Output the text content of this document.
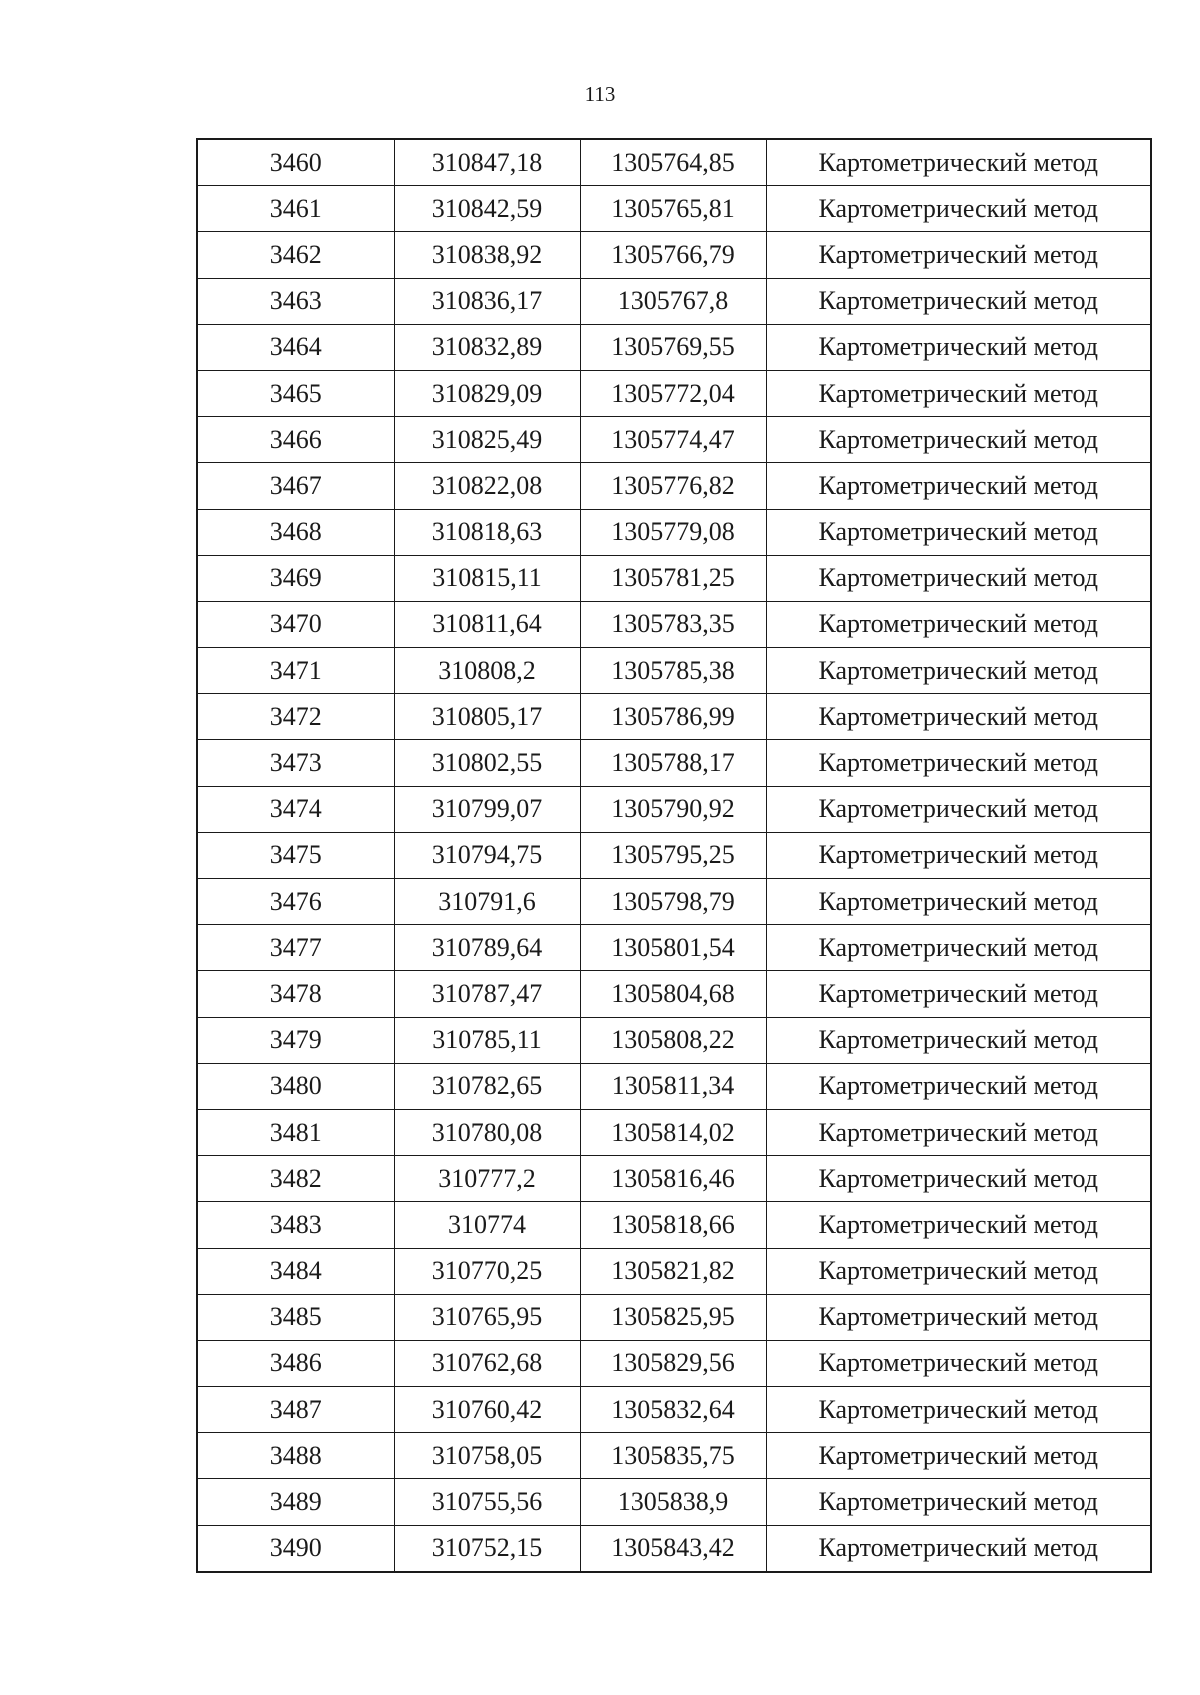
113
3460	310847,18	1305764,85	Картометрический метод
3461	310842,59	1305765,81	Картометрический метод
3462	310838,92	1305766,79	Картометрический метод
3463	310836,17	1305767,8	Картометрический метод
3464	310832,89	1305769,55	Картометрический метод
3465	310829,09	1305772,04	Картометрический метод
3466	310825,49	1305774,47	Картометрический метод
3467	310822,08	1305776,82	Картометрический метод
3468	310818,63	1305779,08	Картометрический метод
3469	310815,11	1305781,25	Картометрический метод
3470	310811,64	1305783,35	Картометрический метод
3471	310808,2	1305785,38	Картометрический метод
3472	310805,17	1305786,99	Картометрический метод
3473	310802,55	1305788,17	Картометрический метод
3474	310799,07	1305790,92	Картометрический метод
3475	310794,75	1305795,25	Картометрический метод
3476	310791,6	1305798,79	Картометрический метод
3477	310789,64	1305801,54	Картометрический метод
3478	310787,47	1305804,68	Картометрический метод
3479	310785,11	1305808,22	Картометрический метод
3480	310782,65	1305811,34	Картометрический метод
3481	310780,08	1305814,02	Картометрический метод
3482	310777,2	1305816,46	Картометрический метод
3483	310774	1305818,66	Картометрический метод
3484	310770,25	1305821,82	Картометрический метод
3485	310765,95	1305825,95	Картометрический метод
3486	310762,68	1305829,56	Картометрический метод
3487	310760,42	1305832,64	Картометрический метод
3488	310758,05	1305835,75	Картометрический метод
3489	310755,56	1305838,9	Картометрический метод
3490	310752,15	1305843,42	Картометрический метод
